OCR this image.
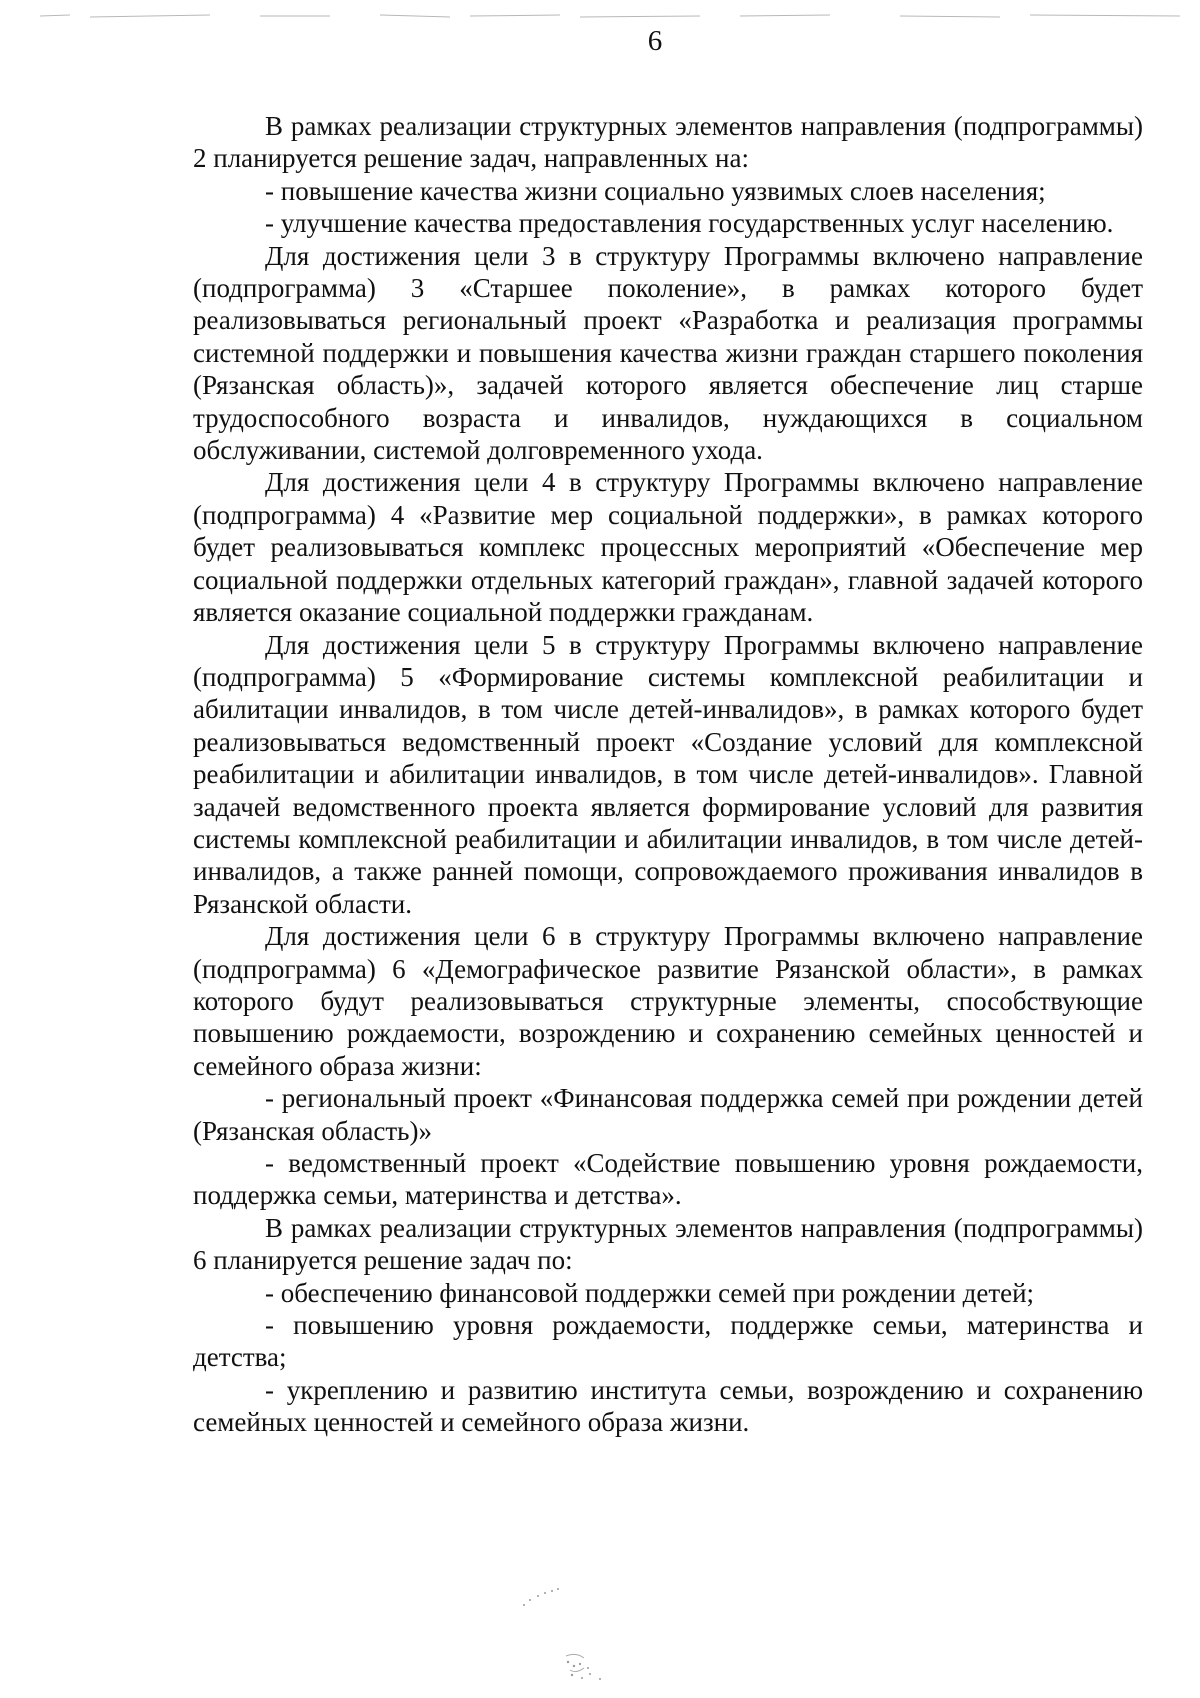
6

В рамках реализации структурных элементов направления (подпрограммы) 2 планируется решение задач, направленных на:

- повышение качества жизни социально уязвимых слоев населения;

- улучшение качества предоставления государственных услуг населению.

Для достижения цели 3 в структуру Программы включено направление (подпрограмма) 3 «Старшее поколение», в рамках которого будет реализовываться региональный проект «Разработка и реализация программы системной поддержки и повышения качества жизни граждан старшего поколения (Рязанская область)», задачей которого является обеспечение лиц старше трудоспособного возраста и инвалидов, нуждающихся в социальном обслуживании, системой долговременного ухода.

Для достижения цели 4 в структуру Программы включено направление (подпрограмма) 4 «Развитие мер социальной поддержки», в рамках которого будет реализовываться комплекс процессных мероприятий «Обеспечение мер социальной поддержки отдельных категорий граждан», главной задачей которого является оказание социальной поддержки гражданам.

Для достижения цели 5 в структуру Программы включено направление (подпрограмма) 5 «Формирование системы комплексной реабилитации и абилитации инвалидов, в том числе детей-инвалидов», в рамках которого будет реализовываться ведомственный проект «Создание условий для комплексной реабилитации и абилитации инвалидов, в том числе детей-инвалидов». Главной задачей ведомственного проекта является формирование условий для развития системы комплексной реабилитации и абилитации инвалидов, в том числе детей-инвалидов, а также ранней помощи, сопровождаемого проживания инвалидов в Рязанской области.

Для достижения цели 6 в структуру Программы включено направление (подпрограмма) 6 «Демографическое развитие Рязанской области», в рамках которого будут реализовываться структурные элементы, способствующие повышению рождаемости, возрождению и сохранению семейных ценностей и семейного образа жизни:

- региональный проект «Финансовая поддержка семей при рождении детей (Рязанская область)»

- ведомственный проект «Содействие повышению уровня рождаемости, поддержка семьи, материнства и детства».

В рамках реализации структурных элементов направления (подпрограммы) 6 планируется решение задач по:

- обеспечению финансовой поддержки семей при рождении детей;

- повышению уровня рождаемости, поддержке семьи, материнства и детства;

- укреплению и развитию института семьи, возрождению и сохранению семейных ценностей и семейного образа жизни.
